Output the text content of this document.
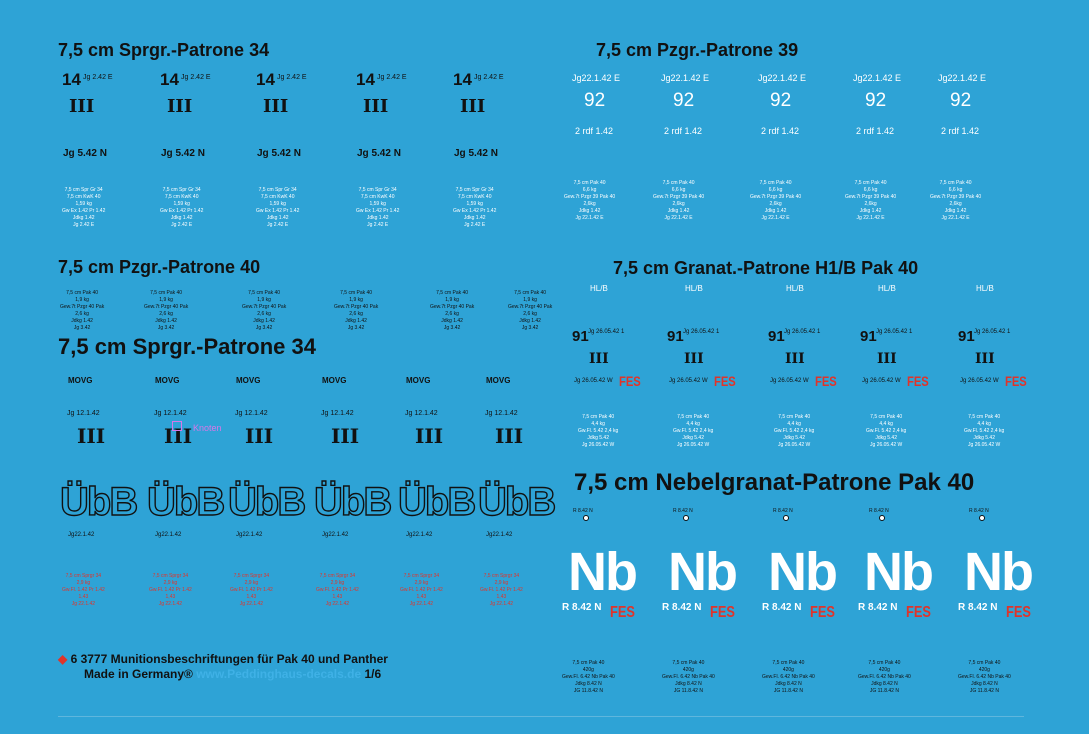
7,5 cm Sprgr.-Patrone 34	7,5 cm Pzgr.-Patrone 39
7,5 cm Pzgr.-Patrone 40	7,5 cm Granat.-Patrone H1/B Pak 40
7,5 cm Sprgr.-Patrone 34
7,5 cm Nebelgranat-Patrone Pak 40
14 Jg 2.42 E
III
Jg 5.42 N
7,5 cm Spr Gr 34
7,5 cm KwK 40
1,59 kg
Gw Ex 1.42 Pr 1.42
Jdkg 1.42
Jg 2.42 E
14 Jg 2.42 E
III
Jg 5.42 N
7,5 cm Spr Gr 34
7,5 cm KwK 40
1,59 kg
Gw Ex 1.42 Pr 1.42
Jdkg 1.42
Jg 2.42 E
14 Jg 2.42 E
III
Jg 5.42 N
7,5 cm Spr Gr 34
7,5 cm KwK 40
1,59 kg
Gw Ex 1.42 Pr 1.42
Jdkg 1.42
Jg 2.42 E
14 Jg 2.42 E
III
Jg 5.42 N
7,5 cm Spr Gr 34
7,5 cm KwK 40
1,59 kg
Gw Ex 1.42 Pr 1.42
Jdkg 1.42
Jg 2.42 E
14 Jg 2.42 E
III
Jg 5.42 N
7,5 cm Spr Gr 34
7,5 cm KwK 40
1,59 kg
Gw Ex 1.42 Pr 1.42
Jdkg 1.42
Jg 2.42 E
Jg22.1.42 E
92
2 rdf 1.42
7,5 cm Pak 40
6,6 kg
Gew.7t Pzgr 39 Pak 40
2,6kg
Jdkg 1.42
Jg 22.1.42 E
Jg22.1.42 E
92
2 rdf 1.42
7,5 cm Pak 40
6,6 kg
Gew.7t Pzgr 39 Pak 40
2,6kg
Jdkg 1.42
Jg 22.1.42 E
Jg22.1.42 E
92
2 rdf 1.42
7,5 cm Pak 40
6,6 kg
Gew.7t Pzgr 39 Pak 40
2,6kg
Jdkg 1.42
Jg 22.1.42 E
Jg22.1.42 E
92
2 rdf 1.42
7,5 cm Pak 40
6,6 kg
Gew.7t Pzgr 39 Pak 40
2,6kg
Jdkg 1.42
Jg 22.1.42 E
Jg22.1.42 E
92
2 rdf 1.42
7,5 cm Pak 40
6,6 kg
Gew.7t Pzgr 39 Pak 40
2,6kg
Jdkg 1.42
Jg 22.1.42 E
7,5 cm Pak 40
1,9 kg
Gew.7t Pzgr 40 Pak
2,6 kg
Jdkg 1.42
Jg 3.42
7,5 cm Pak 40
1,9 kg
Gew.7t Pzgr 40 Pak
2,6 kg
Jdkg 1.42
Jg 3.42
7,5 cm Pak 40
1,9 kg
Gew.7t Pzgr 40 Pak
2,6 kg
Jdkg 1.42
Jg 3.42
7,5 cm Pak 40
1,9 kg
Gew.7t Pzgr 40 Pak
2,6 kg
Jdkg 1.42
Jg 3.42
7,5 cm Pak 40
1,9 kg
Gew.7t Pzgr 40 Pak
2,6 kg
Jdkg 1.42
Jg 3.42
7,5 cm Pak 40
1,9 kg
Gew.7t Pzgr 40 Pak
2,6 kg
Jdkg 1.42
Jg 3.42
HL/B
91 Jg 26.05.42 1
III
Jg 26.05.42 W FES
7,5 cm Pak 40
4,4 kg
Gw.Fl. 5.42 2,4 kg
Jdkg 5.42
Jg 26.05.42 W
HL/B
91 Jg 26.05.42 1
III
Jg 26.05.42 W FES
7,5 cm Pak 40
4,4 kg
Gw.Fl. 5.42 2,4 kg
Jdkg 5.42
Jg 26.05.42 W
HL/B
91 Jg 26.05.42 1
III
Jg 26.05.42 W FES
7,5 cm Pak 40
4,4 kg
Gw.Fl. 5.42 2,4 kg
Jdkg 5.42
Jg 26.05.42 W
HL/B
91 Jg 26.05.42 1
III
Jg 26.05.42 W FES
7,5 cm Pak 40
4,4 kg
Gw.Fl. 5.42 2,4 kg
Jdkg 5.42
Jg 26.05.42 W
HL/B
91 Jg 26.05.42 1
III
Jg 26.05.42 W FES
7,5 cm Pak 40
4,4 kg
Gw.Fl. 5.42 2,4 kg
Jdkg 5.42
Jg 26.05.42 W
MOVG
Jg 12.1.42
III
ÜbB
Jg22.1.42
7,5 cm Sprgr 34
2,9 kg
Gw.Fl. 1.42 Pr 1.42
1,43
Jg 22.1.42
MOVG
Jg 12.1.42
III
ÜbB
Jg22.1.42
7,5 cm Sprgr 34
2,9 kg
Gw.Fl. 1.42 Pr 1.42
1,43
Jg 22.1.42
MOVG
Jg 12.1.42
III
ÜbB
Jg22.1.42
7,5 cm Sprgr 34
2,9 kg
Gw.Fl. 1.42 Pr 1.42
1,43
Jg 22.1.42
MOVG
Jg 12.1.42
III
ÜbB
Jg22.1.42
7,5 cm Sprgr 34
2,9 kg
Gw.Fl. 1.42 Pr 1.42
1,43
Jg 22.1.42
MOVG
Jg 12.1.42
III
ÜbB
Jg22.1.42
7,5 cm Sprgr 34
2,9 kg
Gw.Fl. 1.42 Pr 1.42
1,43
Jg 22.1.42
MOVG
Jg 12.1.42
III
ÜbB
Jg22.1.42
7,5 cm Sprgr 34
2,9 kg
Gw.Fl. 1.42 Pr 1.42
1,43
Jg 22.1.42
Knoten
R 8.42 N
Nb
R 8.42 N FES
7,5 cm Pak 40
420g
Gew.Fl. 6.42 Nb Pak 40
Jdkg 8.42 N
JG 11.8.42 N
R 8.42 N
Nb
R 8.42 N FES
7,5 cm Pak 40
420g
Gew.Fl. 6.42 Nb Pak 40
Jdkg 8.42 N
JG 11.8.42 N
R 8.42 N
Nb
R 8.42 N FES
7,5 cm Pak 40
420g
Gew.Fl. 6.42 Nb Pak 40
Jdkg 8.42 N
JG 11.8.42 N
R 8.42 N
Nb
R 8.42 N FES
7,5 cm Pak 40
420g
Gew.Fl. 6.42 Nb Pak 40
Jdkg 8.42 N
JG 11.8.42 N
R 8.42 N
Nb
R 8.42 N FES
7,5 cm Pak 40
420g
Gew.Fl. 6.42 Nb Pak 40
Jdkg 8.42 N
JG 11.8.42 N
◆ 6 3777 Munitionsbeschriftungen für Pak 40 und Panther
Made in Germany® www.Peddinghaus-decals.de 1/6
